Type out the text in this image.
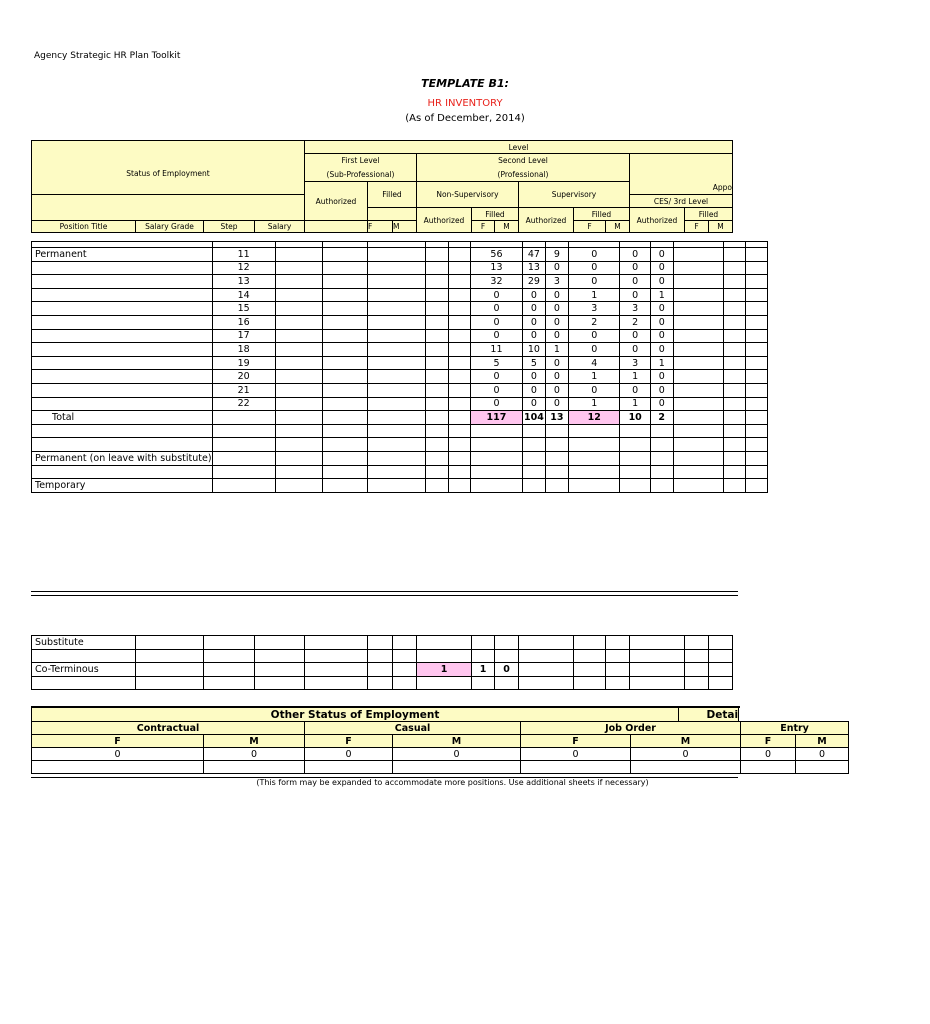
Agency Strategic HR Plan Toolkit
TEMPLATE B1:
HR INVENTORY
(As of December, 2014)
				Level											
Status of Employment				First Level			Second Level								
				(Sub-Professional)			(Professional)								
				Authorized	Filled		Non-Supervisory			Supervisory			Appo		
													CES/ 3rd Level		
							Authorized	Filled		Authorized	Filled		Authorized	Filled	
Position Title	Salary Grade	Step	Salary		F	M		F	M		F	M		F	M

Permanent	11						56	47	9	0	0	0			
	12						13	13	0	0	0	0			
	13						32	29	3	0	0	0			
	14						0	0	0	1	0	1			
	15						0	0	0	3	3	0			
	16						0	0	0	2	2	0			
	17						0	0	0	0	0	0			
	18						11	10	1	0	0	0			
	19						5	5	0	4	3	1			
	20						0	0	0	1	1	0			
	21						0	0	0	0	0	0			
	22						0	0	0	1	1	0			
Total							117	104	13	12	10	2			

Permanent (on leave with substitute)															

Temporary															
Substitute															

Co-Terminous							1	1	0						

Other Status of Employment	Detai
Contractual		Casual		Job Order		Entry	
F	M	F	M	F	M	F	M
0	0	0	0	0	0	0	0

(This form may be expanded to accommodate more positions. Use additional sheets if necessary)
